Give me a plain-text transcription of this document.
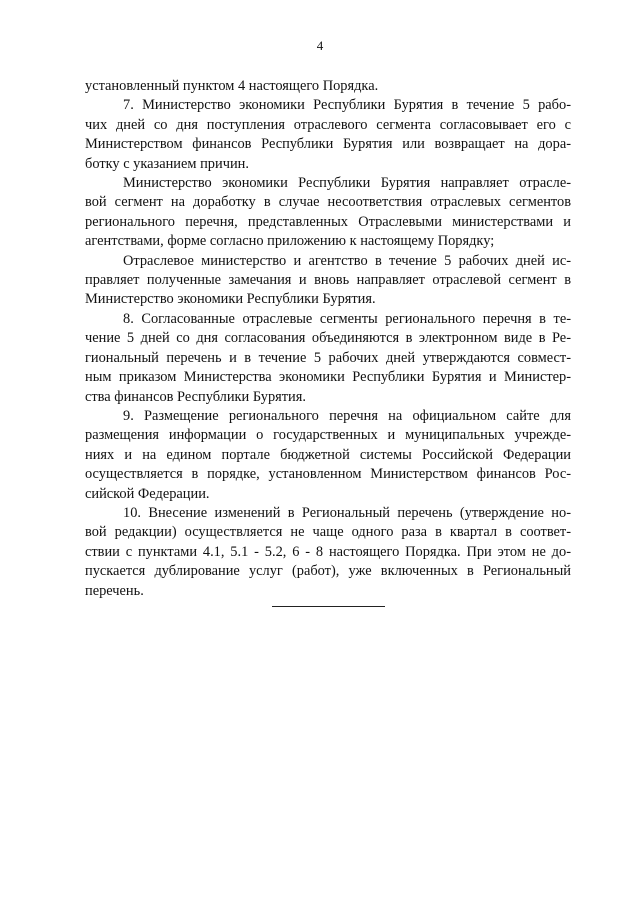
4
установленный пунктом 4 настоящего Порядка.
7. Министерство экономики Республики Бурятия в течение 5 рабо-
чих дней со дня поступления отраслевого сегмента согласовывает его с
Министерством финансов Республики Бурятия или возвращает на дора-
ботку с указанием причин.
Министерство экономики Республики Бурятия направляет отрасле-
вой сегмент на доработку в случае несоответствия отраслевых сегментов
регионального перечня, представленных Отраслевыми министерствами и
агентствами, форме согласно приложению к настоящему Порядку;
Отраслевое министерство и агентство в течение 5 рабочих дней ис-
правляет полученные замечания и вновь направляет отраслевой сегмент в
Министерство экономики Республики Бурятия.
8. Согласованные отраслевые сегменты регионального перечня в те-
чение 5 дней со дня согласования объединяются в электронном виде в Ре-
гиональный перечень и в течение 5 рабочих дней утверждаются совмест-
ным приказом Министерства экономики Республики Бурятия и Министер-
ства финансов Республики Бурятия.
9. Размещение регионального перечня на официальном сайте для
размещения информации о государственных и муниципальных учрежде-
ниях и на едином портале бюджетной системы Российской Федерации
осуществляется в порядке, установленном Министерством финансов Рос-
сийской Федерации.
10. Внесение изменений в Региональный перечень (утверждение но-
вой редакции) осуществляется не чаще одного раза в квартал в соответ-
ствии с пунктами 4.1, 5.1 - 5.2, 6 - 8 настоящего Порядка. При этом не до-
пускается дублирование услуг (работ), уже включенных в Региональный
перечень.
